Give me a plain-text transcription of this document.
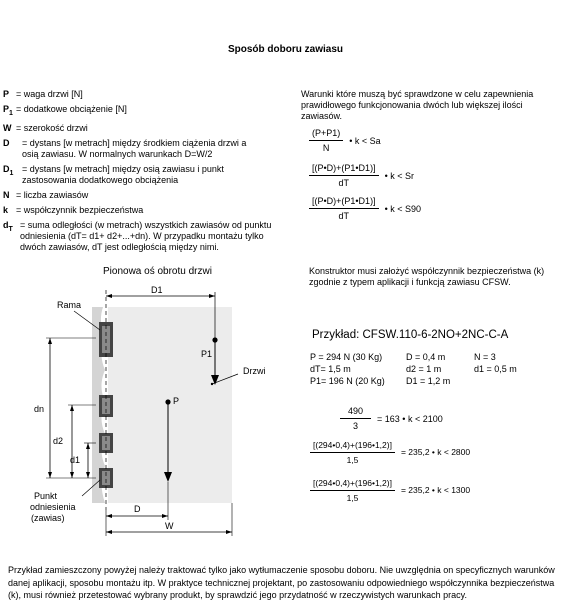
Sposób doboru zawiasu
P = waga drzwi [N]
$P_1$ = dodatkowe obciążenie [N]
W = szerokość drzwi
D	= dystans [w metrach] między środkiem ciążenia drzwi a osią zawiasu. W normalnych warunkach D=W/2
$D_1 = dystans$ [w metrach] między osią zawiasu i punkt zastosowania dodatkowego obciążenia
N = liczba zawiasów
k = współczynnik bezpieczeństwa
$d_T$ = suma odległości (w metrach) wszystkich zawiasów od punktu odniesienia (dT= d1+ d2+...+dn). W przypadku montażu tylko dwóch zawiasów, dT jest odległością między nimi.
Warunki które muszą być sprawdzone w celu zapewnienia prawidłowego funkcjonowania dwóch lub większej ilości zawiasów.
$\frac{(P+P1)}{N}$ • k < Sa
$\frac{[(P•D)+(P1•D1)]}{dT}$ • k < Sr
$\frac{[(P•D)+(P1•D1)]}{dT}$ • k < S90
Pionowa oś obrotu drzwi
D1
P1
P
Drzwi
Rama
dn
d2
d1
Punkt
odniesienia
(zawias)
D
W
Konstruktor musi założyć współczynnik bezpieczeństwa (k) zgodnie z typem aplikacji i funkcją zawiasu CFSW.
Przykład: CFSW.110-6-2NO+2NC-C-A
P = 294 N (30 Kg)	D = 0,4 m	N = 3
dT= 1,5 m	d2 = 1 m	d1 = 0,5 m
P1= 196 N (20 Kg)	D1 = 1,2 m
$\frac{490}{3} = 163$ • k < 2100
$\frac{[(294•0,4)+(196•1,2)]}{1,5} = 235,2$ • k < 2800
$\frac{[(294•0,4)+(196•1,2)]}{1,5} = 235,2$ • k < 1300
Przykład zamieszczony powyżej należy traktować tylko jako wytłumaczenie sposobu doboru. Nie uwzględnia on specyficznych warunków danej aplikacji, sposobu montażu itp. W praktyce technicznej projektant, po zastosowaniu odpowiedniego współczynnika bezpieczeństwa (k), musi również przetestować wybrany produkt, by sprawdzić jego przydatność w rzeczywistych warunkach pracy.
